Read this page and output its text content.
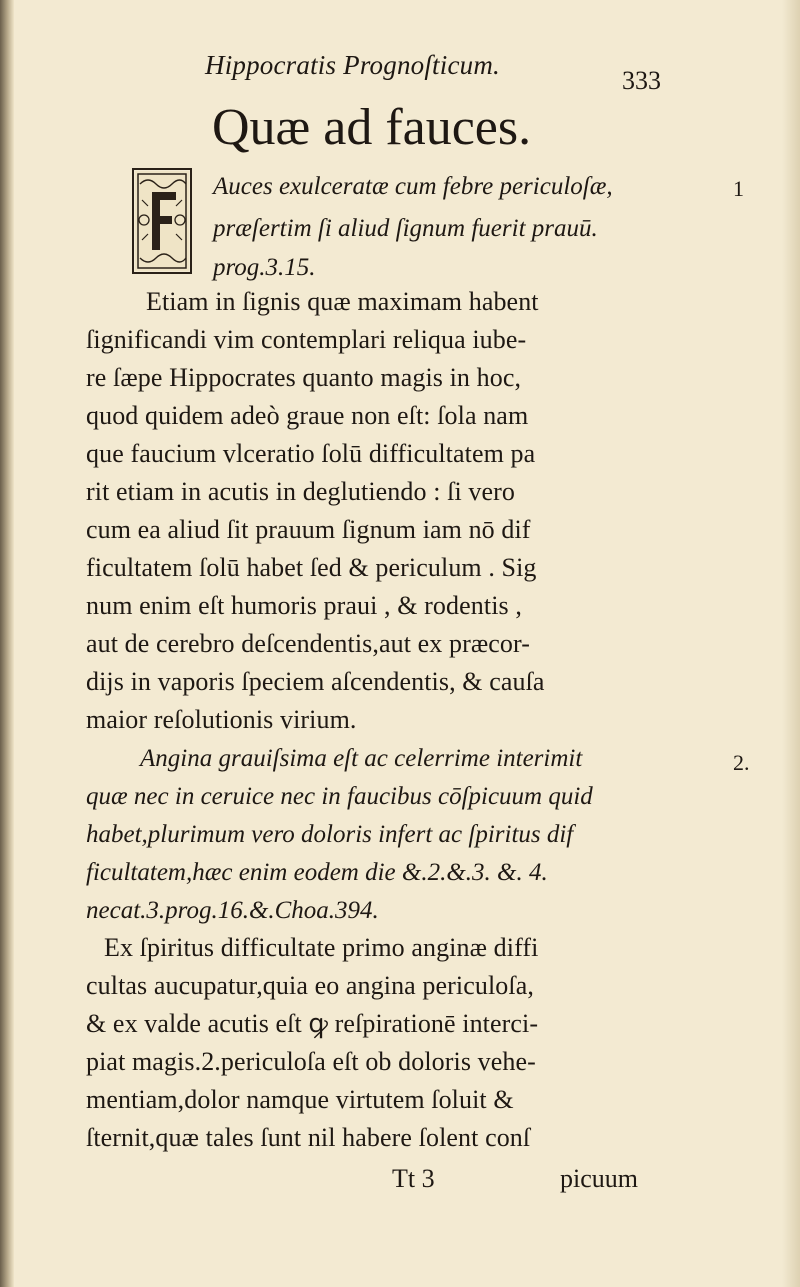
Hippocratis Prognoſticum.
333
Quæ ad fauces.
Auces exulceratæ cum febre periculoſæ,
præſertim ſi aliud ſignum fuerit prauū.
prog.3.15.
1
Etiam in ſignis quæ maximam habent
ſignificandi vim contemplari reliqua iube-
re ſæpe Hippocrates quanto magis in hoc,
quod quidem adeò graue non eſt: ſola nam
que faucium vlceratio ſolū difficultatem pa
rit etiam in acutis in deglutiendo : ſi vero
cum ea aliud ſit prauum ſignum iam nō dif
ficultatem ſolū habet ſed & periculum . Sig
num enim eſt humoris praui , & rodentis ,
aut de cerebro deſcendentis,aut ex præcor-
dijs in vaporis ſpeciem aſcendentis, & cauſa
maior reſolutionis virium.
Angina grauiſsima eſt ac celerrime interimit
quæ nec in ceruice nec in faucibus cōſpicuum quid
habet,plurimum vero doloris infert ac ſpiritus dif
ficultatem,hæc enim eodem die &.2.&.3. &. 4.
necat.3.prog.16.&.Choa.394.
2.
Ex ſpiritus difficultate primo anginæ diffi
cultas aucupatur,quia eo angina periculoſa,
& ex valde acutis eſt ꝙ reſpirationē interci-
piat magis.2.periculoſa eſt ob doloris vehe-
mentiam,dolor namque virtutem ſoluit &
ſternit,quæ tales ſunt nil habere ſolent conſ
Tt 3	picuum
